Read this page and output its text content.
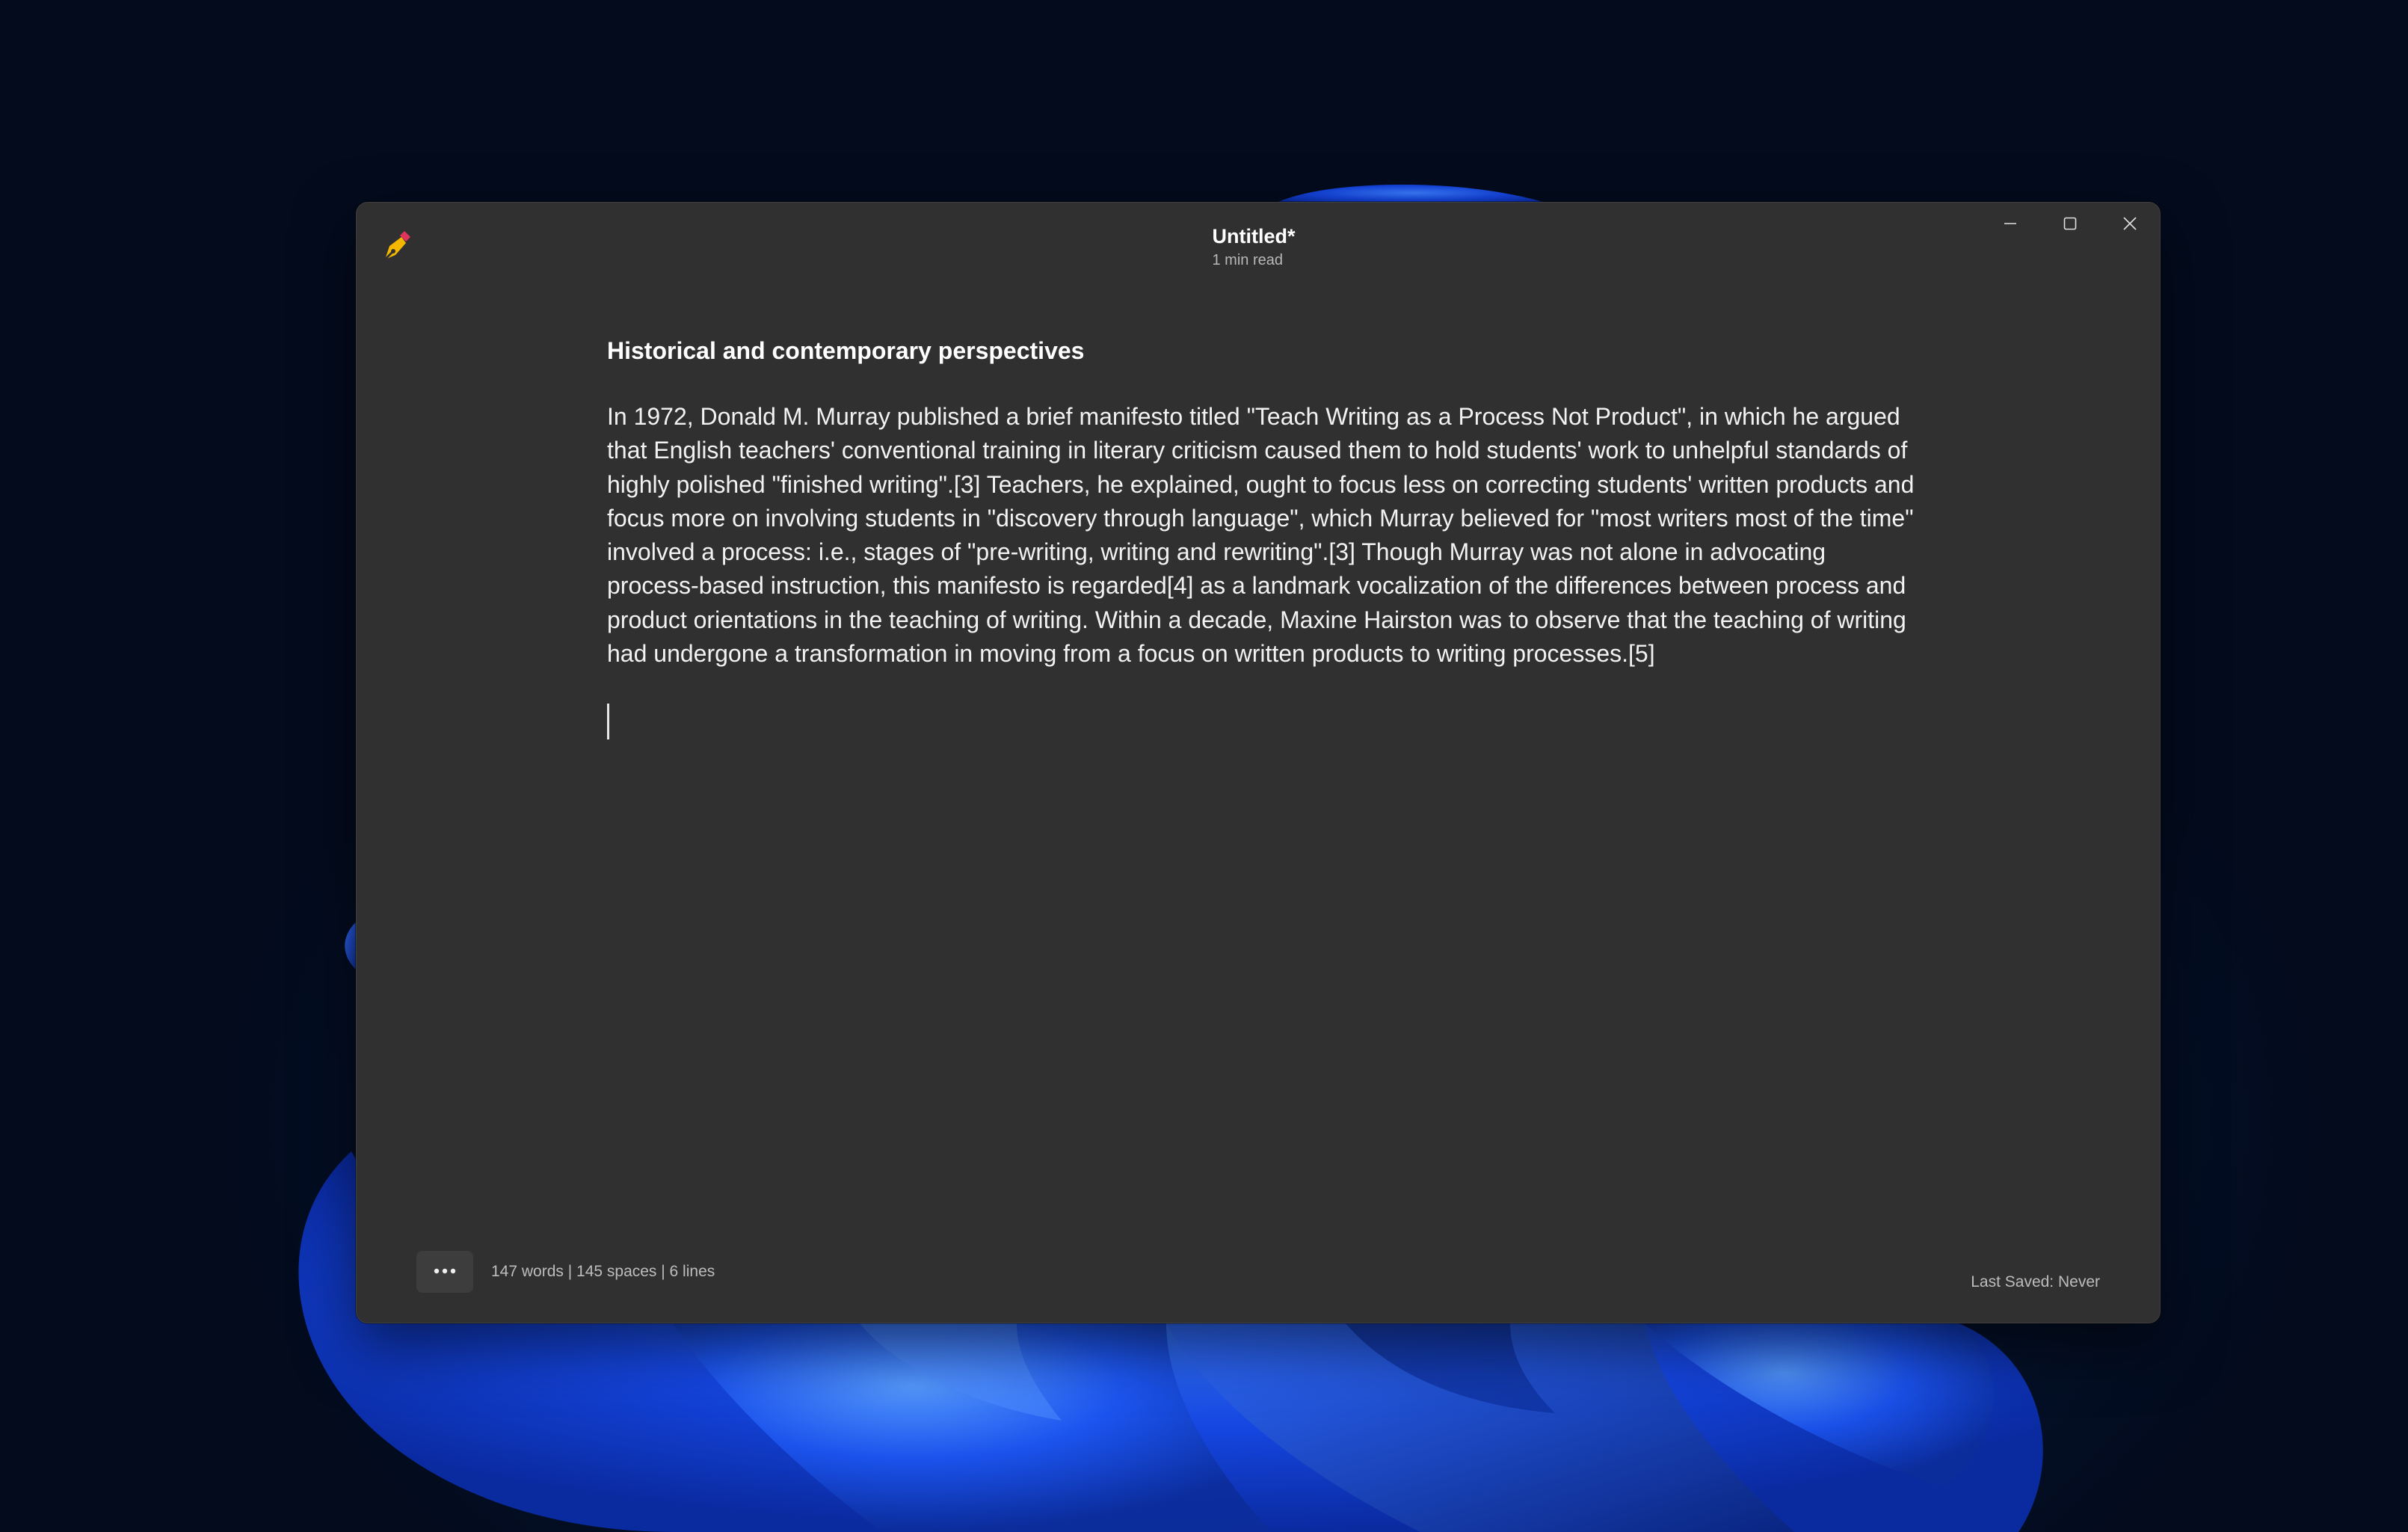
Untitled*
1 min read

Historical and contemporary perspectives

In 1972, Donald M. Murray published a brief manifesto titled "Teach Writing as a Process Not Product", in which he argued that English teachers' conventional training in literary criticism caused them to hold students' work to unhelpful standards of highly polished "finished writing".[3] Teachers, he explained, ought to focus less on correcting students' written products and focus more on involving students in "discovery through language", which Murray believed for "most writers most of the time" involved a process: i.e., stages of "pre-writing, writing and rewriting".[3] Though Murray was not alone in advocating process-based instruction, this manifesto is regarded[4] as a landmark vocalization of the differences between process and product orientations in the teaching of writing. Within a decade, Maxine Hairston was to observe that the teaching of writing had undergone a transformation in moving from a focus on written products to writing processes.[5]

147 words | 145 spaces | 6 lines
Last Saved: Never
